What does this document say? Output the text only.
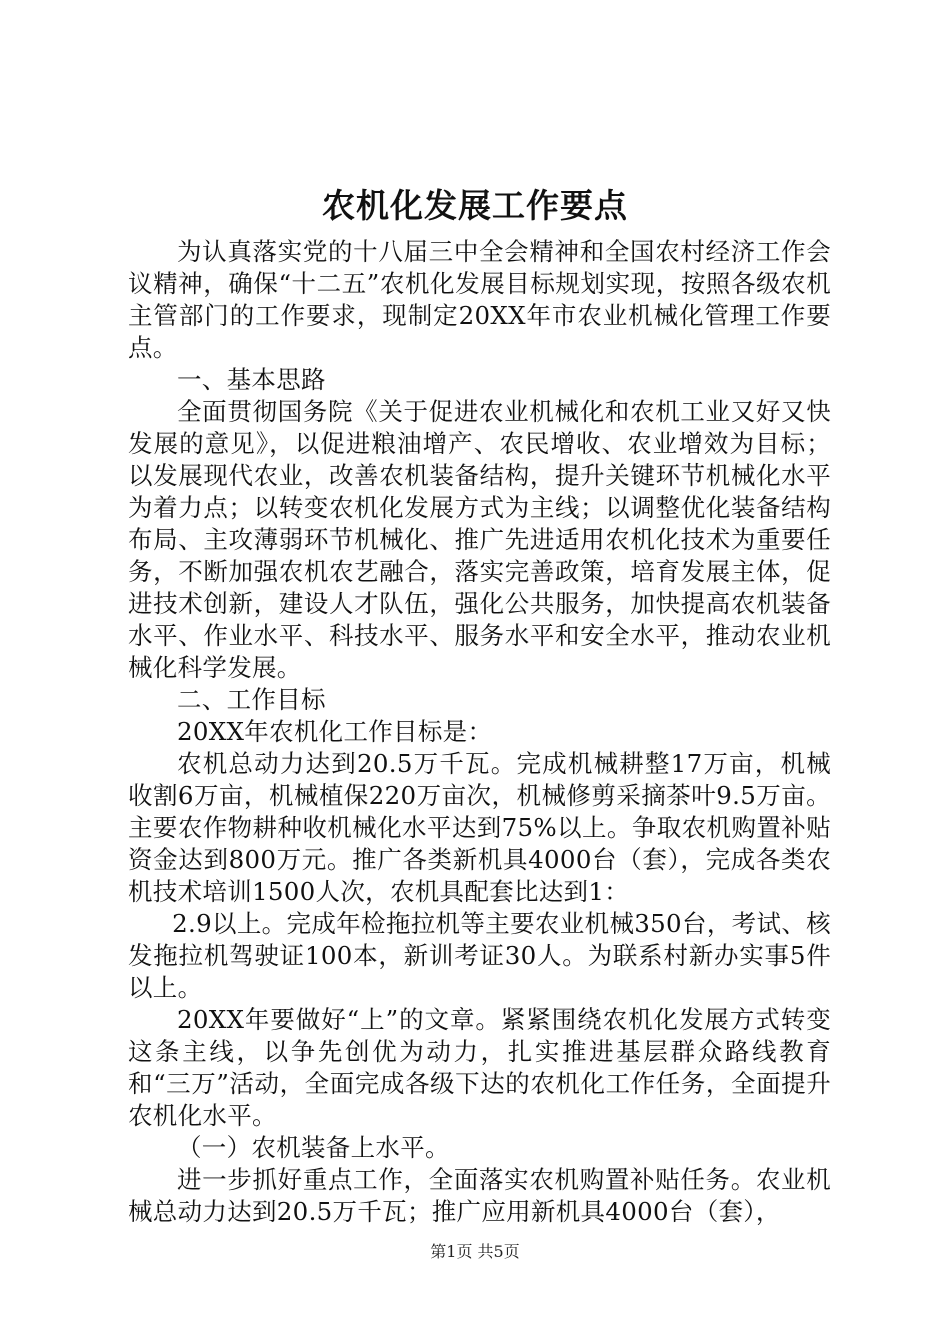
农机化发展工作要点

为认真落实党的十八届三中全会精神和全国农村经济工作会议精神，确保“十二五”农机化发展目标规划实现，按照各级农机主管部门的工作要求，现制定20XX年市农业机械化管理工作要点。

一、基本思路

全面贯彻国务院《关于促进农业机械化和农机工业又好又快发展的意见》，以促进粮油增产、农民增收、农业增效为目标；以发展现代农业，改善农机装备结构，提升关键环节机械化水平为着力点；以转变农机化发展方式为主线；以调整优化装备结构布局、主攻薄弱环节机械化、推广先进适用农机化技术为重要任务，不断加强农机农艺融合，落实完善政策，培育发展主体，促进技术创新，建设人才队伍，强化公共服务，加快提高农机装备水平、作业水平、科技水平、服务水平和安全水平，推动农业机械化科学发展。

二、工作目标

20XX年农机化工作目标是：

农机总动力达到20.5万千瓦。完成机械耕整17万亩，机械收割6万亩，机械植保220万亩次，机械修剪采摘茶叶9.5万亩。主要农作物耕种收机械化水平达到75%以上。争取农机购置补贴资金达到800万元。推广各类新机具4000台（套），完成各类农机技术培训1500人次，农机具配套比达到1：

2.9以上。完成年检拖拉机等主要农业机械350台，考试、核发拖拉机驾驶证100本，新训考证30人。为联系村新办实事5件以上。

20XX年要做好“上”的文章。紧紧围绕农机化发展方式转变这条主线，以争先创优为动力，扎实推进基层群众路线教育和“三万”活动，全面完成各级下达的农机化工作任务，全面提升农机化水平。

（一）农机装备上水平。

进一步抓好重点工作，全面落实农机购置补贴任务。农业机械总动力达到20.5万千瓦；推广应用新机具4000台（套），

第1页 共5页
